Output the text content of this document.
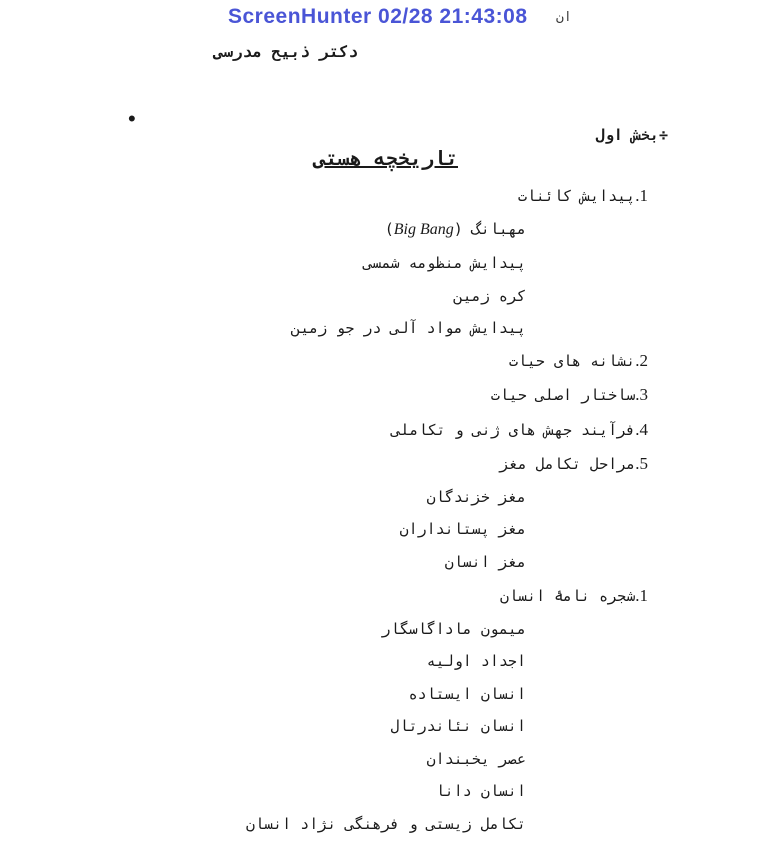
ScreenHunter 02/28 21:43:08 ان
دکتر ذبیح مدرسی
•
÷بخش اول
تاریخچه هستی
1.پیدایش کائنات
مهبانگ (Big Bang)
پیدایش منظومه شمسی
کره زمین
پیدایش مواد آلی در جو زمین
2.نشانه های حیات
3.ساختار اصلی حیات
4.فرآیند جهش های ژنی و تکاملی
5.مراحل تکامل مغز
مغز خزندگان
مغز پستانداران
مغز انسان
1.شجره نامۀ انسان
میمون ماداگاسگار
اجداد اولیه
انسان ایستاده
انسان نئاندرتال
عصر یخبندان
انسان دانا
تکامل زیستی و فرهنگی نژاد انسان
